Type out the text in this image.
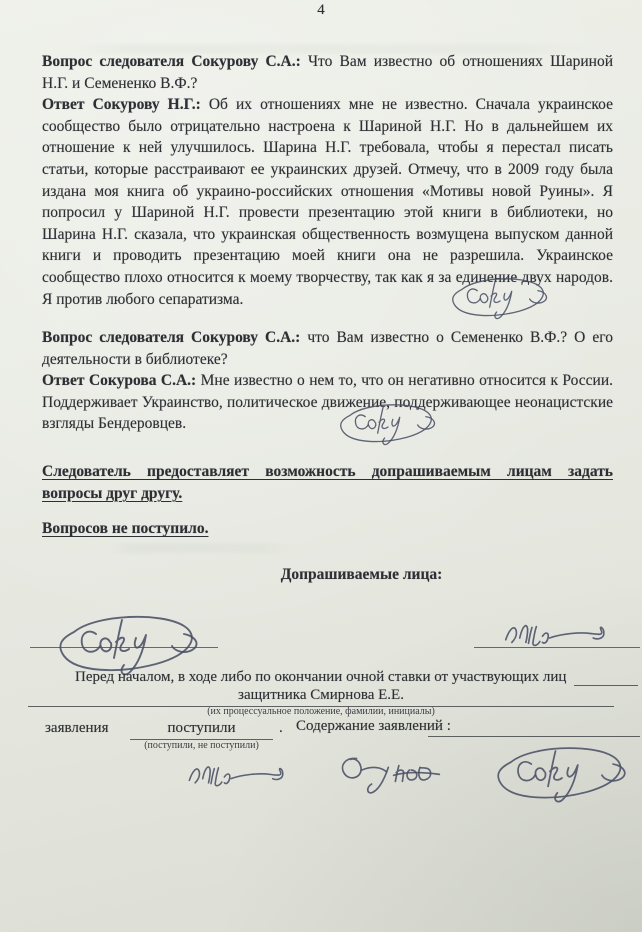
4

Вопрос следователя Сокурову С.А.: Что Вам известно об отношениях Шариной Н.Г. и Семененко В.Ф.?

Ответ Сокурову Н.Г.: Об их отношениях мне не известно. Сначала украинское сообщество было отрицательно настроена к Шариной Н.Г. Но в дальнейшем их отношение к ней улучшилось. Шарина Н.Г. требовала, чтобы я перестал писать статьи, которые расстраивают ее украинских друзей. Отмечу, что в 2009 году была издана моя книга об украино-российских отношения «Мотивы новой Руины». Я попросил у Шариной Н.Г. провести презентацию этой книги в библиотеки, но Шарина Н.Г. сказала, что украинская общественность возмущена выпуском данной книги и проводить презентацию моей книги она не разрешила. Украинское сообщество плохо относится к моему творчеству, так как я за единение двух народов. Я против любого сепаратизма.

Вопрос следователя Сокурову С.А.: что Вам известно о Семененко В.Ф.? О его деятельности в библиотеке?

Ответ Сокурова С.А.: Мне известно о нем то, что он негативно относится к России. Поддерживает Украинство, политическое движение, поддерживающее неонацистские взгляды Бендеровцев.

Следователь предоставляет возможность допрашиваемым лицам задать вопросы друг другу.
Вопросов не поступило.
Допрашиваемые лица:
Перед началом, в ходе либо по окончании очной ставки от участвующих лиц
защитника Смирнова Е.Е.
(их процессуальное положение, фамилии, инициалы)
заявления	поступили	. Содержание заявлений :
(поступили, не поступили)
